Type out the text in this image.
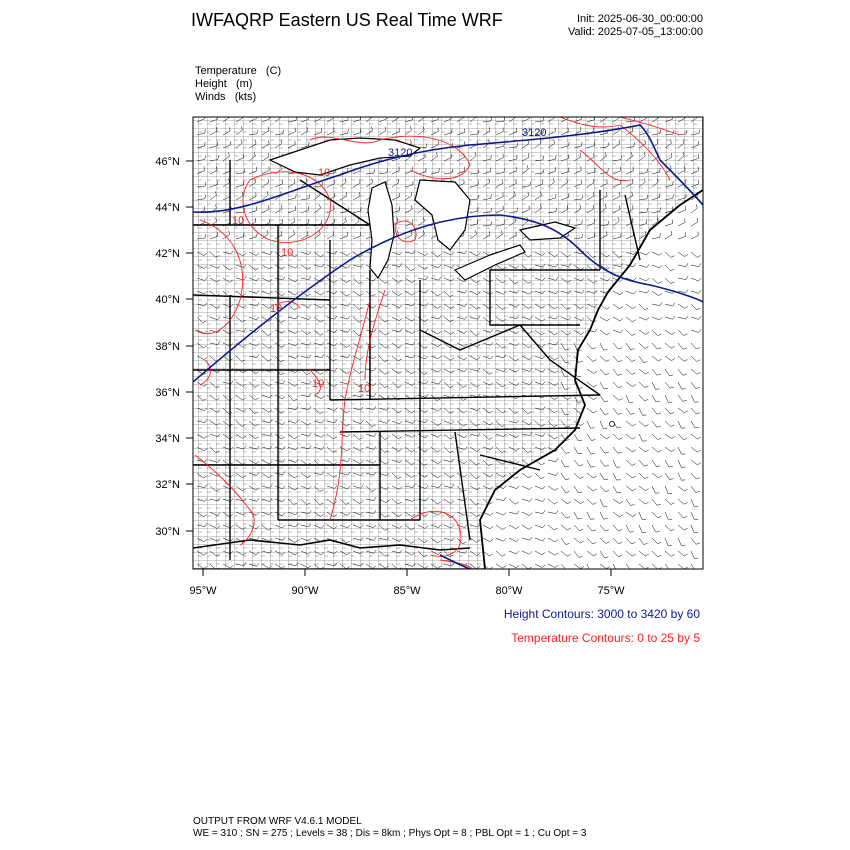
IWFAQRP Eastern US Real Time WRF	Init: 2025-06-30_00:00:00
Valid: 2025-07-05_13:00:00
Temperature   (C)
Height   (m)
Winds   (kts)
3120
3120
10
10
10
10
10	10
46°N
44°N
42°N
40°N
38°N
36°N
34°N
32°N
30°N
95°W	90°W	85°W	80°W	75°W
Height Contours: 3000 to 3420 by 60
Temperature Contours: 0 to 25 by 5
OUTPUT FROM WRF V4.6.1 MODEL
WE = 310 ; SN = 275 ; Levels = 38 ; Dis = 8km ; Phys Opt = 8 ; PBL Opt = 1 ; Cu Opt = 3
